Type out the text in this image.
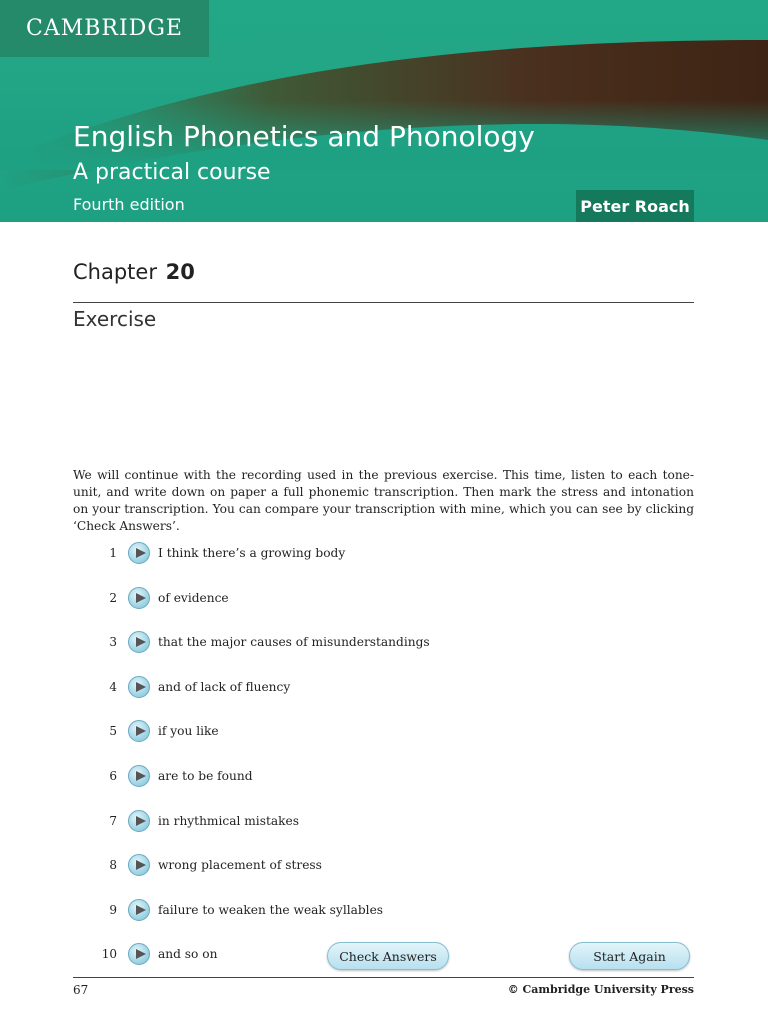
CAMBRIDGE
English Phonetics and Phonology
A practical course
Fourth edition	Peter Roach
Chapter 20
Exercise
We will continue with the recording used in the previous exercise. This time, listen to each tone-unit, and write down on paper a full phonemic transcription. Then mark the stress and intonation on your transcription. You can compare your transcription with mine, which you can see by clicking ‘Check Answers’.
1	I think there’s a growing body
2	of evidence
3	that the major causes of misunderstandings
4	and of lack of fluency
5	if you like
6	are to be found
7	in rhythmical mistakes
8	wrong placement of stress
9	failure to weaken the weak syllables
10	and so on	Check Answers	Start Again
67	© Cambridge University Press
